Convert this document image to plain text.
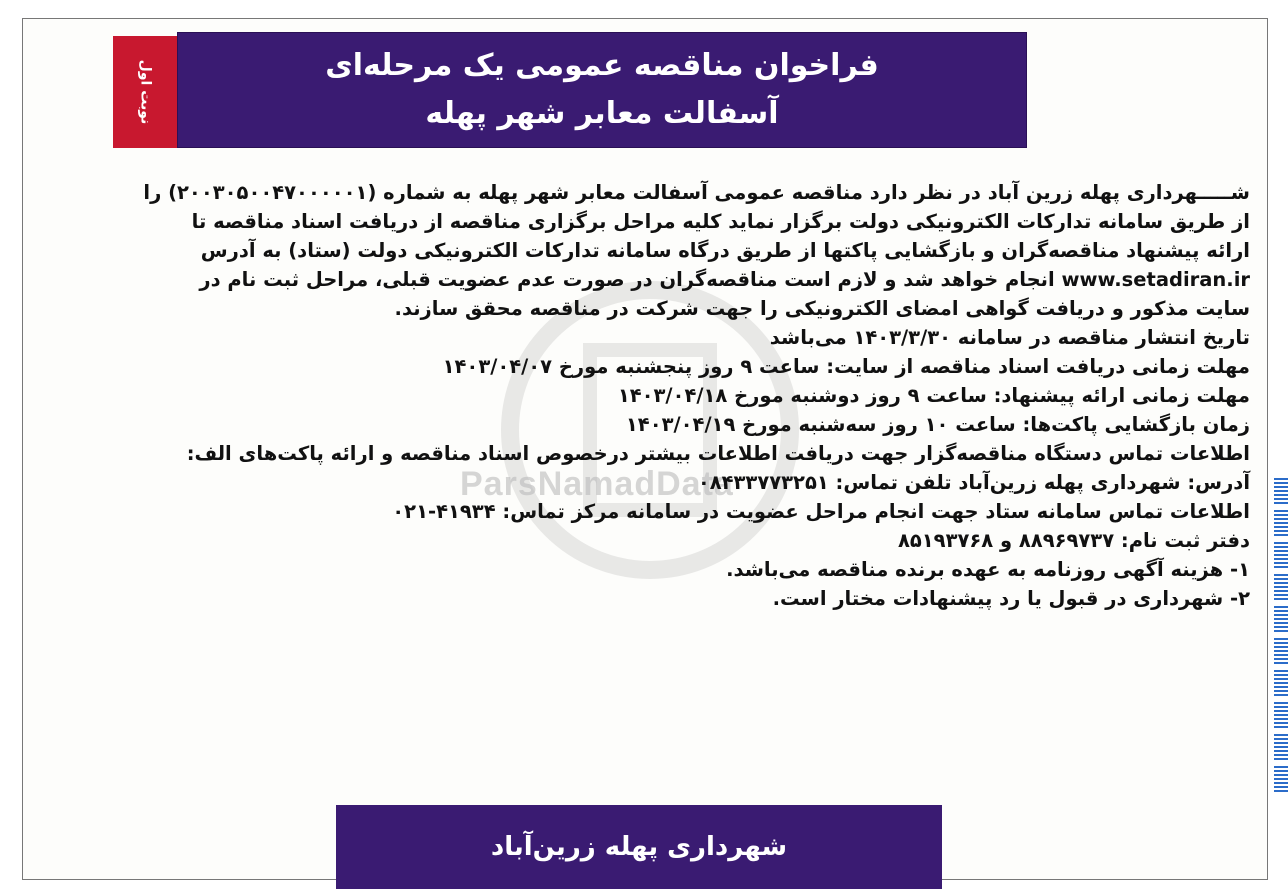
نوبت اول	فراخوان مناقصه عمومی یک مرحله‌ای
آسفالت معابر شهر پهله
ParsNamadData
شـــــهرداری پهله زرین آباد در نظر دارد مناقصه عمومی آسفالت معابر شهر پهله به شماره (۲۰۰۳۰۵۰۰۴۷۰۰۰۰۰۱) را
از طریق سامانه تدارکات الکترونیکی دولت برگزار نماید کلیه مراحل برگزاری مناقصه از دریافت اسناد مناقصه تا
ارائه پیشنهاد مناقصه‌گران و بازگشایی پاکتها از طریق درگاه سامانه تدارکات الکترونیکی دولت (ستاد) به آدرس
www.setadiran.ir انجام خواهد شد و لازم است مناقصه‌گران در صورت عدم عضویت قبلی، مراحل ثبت نام در
سایت مذکور و دریافت گواهی امضای الکترونیکی را جهت شرکت در مناقصه محقق سازند.
تاریخ انتشار مناقصه در سامانه ۱۴۰۳/۳/۳۰ می‌باشد
مهلت زمانی دریافت اسناد مناقصه از سایت: ساعت ۹ روز پنجشنبه مورخ ۱۴۰۳/۰۴/۰۷
مهلت زمانی ارائه پیشنهاد: ساعت ۹ روز دوشنبه مورخ ۱۴۰۳/۰۴/۱۸
زمان بازگشایی پاکت‌ها: ساعت ۱۰ روز سه‌شنبه مورخ ۱۴۰۳/۰۴/۱۹
اطلاعات تماس دستگاه مناقصه‌گزار جهت دریافت اطلاعات بیشتر درخصوص اسناد مناقصه و ارائه پاکت‌های الف:
آدرس: شهرداری پهله زرین‌آباد تلفن تماس: ۰۸۴۳۳۷۷۳۲۵۱
اطلاعات تماس سامانه ستاد جهت انجام مراحل عضویت در سامانه مرکز تماس: ۴۱۹۳۴-۰۲۱
دفتر ثبت نام: ۸۸۹۶۹۷۳۷ و ۸۵۱۹۳۷۶۸
۱- هزینه آگهی روزنامه به عهده برنده مناقصه می‌باشد.
۲- شهرداری در قبول یا رد پیشنهادات مختار است.
شهرداری پهله زرین‌آباد
